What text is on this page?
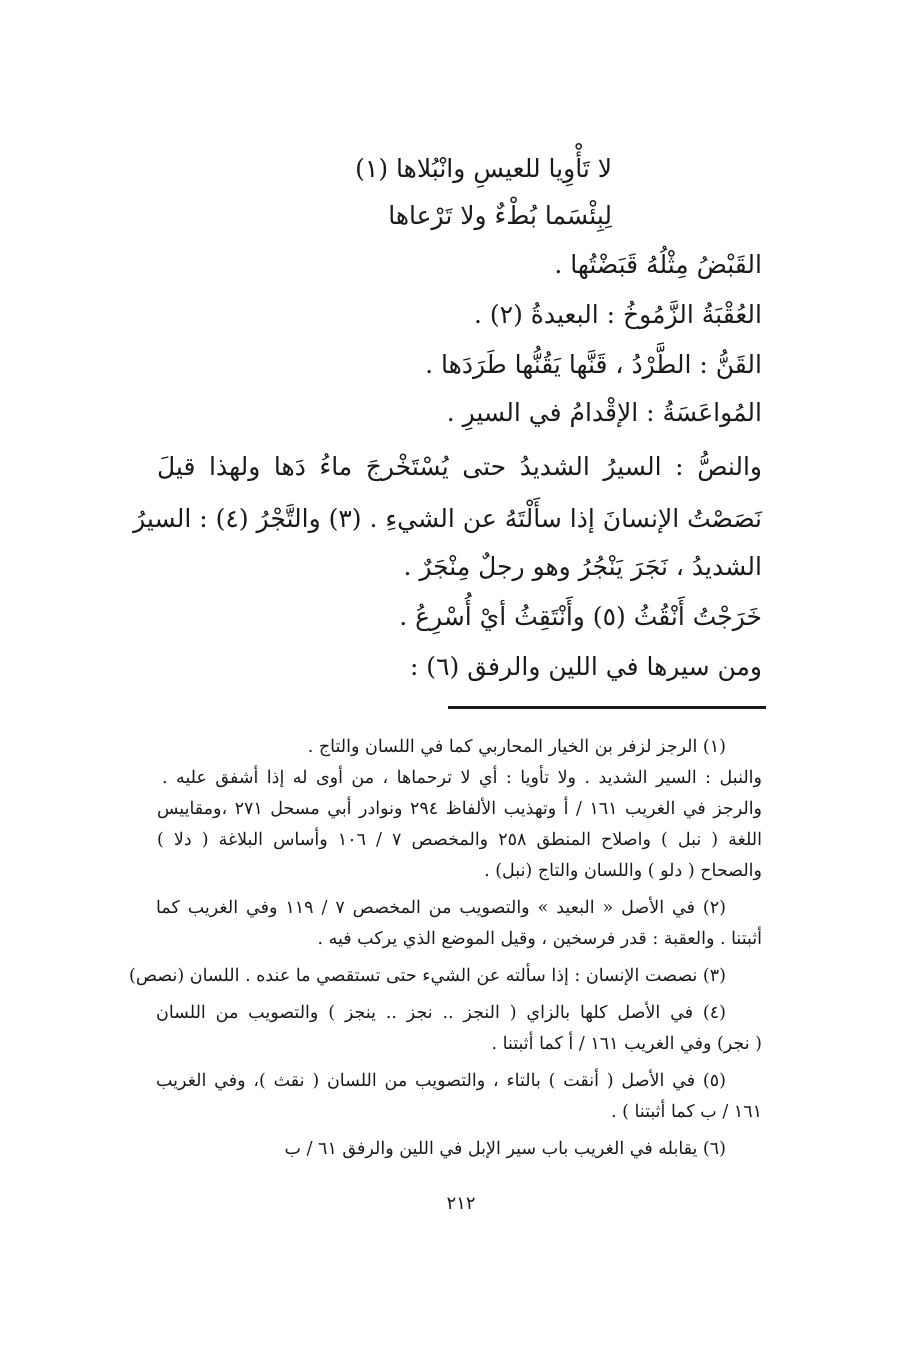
لا تَأْوِيا للعيسِ وانْبُلاها (١)
لِبِئْسَما بُطْءٌ ولا تَرْعاها
القَبْضُ مِثْلُهُ قَبَضْتُها .
العُقْبَةُ الزَّمُوخُ : البعيدةُ (٢) .
القَنُّ : الطَّرْدُ ، قَنَّها يَقُنُّها طَرَدَها .
المُواعَسَةُ : الإقْدامُ في السيرِ .
والنصُّ : السيرُ الشديدُ حتى يُسْتَخْرجَ ماءُ دَها ولهذا قيلَ
نَصَصْتُ الإنسانَ إذا سأَلْتَهُ عن الشيءِ . (٣) والتَّجْرُ (٤) : السيرُ
الشديدُ ، نَجَرَ يَنْجُرُ وهو رجلٌ مِنْجَرٌ .
خَرَجْتُ أَنْقُثُ (٥) وأَنْتَقِثُ أيْ أُسْرِعُ .
ومن سيرها في اللين والرفق (٦) :
(١) الرجز لزفر بن الخيار المحاربي كما في اللسان والتاج .
والنبل : السير الشديد . ولا تأويا : أي لا ترحماها ، من أوى له إذا أشفق عليه .
والرجز في الغريب ١٦١ / أ وتهذيب الألفاظ ٢٩٤ ونوادر أبي مسحل ٢٧١ ،ومقاييس
اللغة ( نبل ) واصلاح المنطق ٢٥٨ والمخصص ٧ / ١٠٦ وأساس البلاغة ( دلا )
والصحاح ( دلو ) واللسان والتاج (نبل) .
(٢) في الأصل « البعيد » والتصويب من المخصص ٧ / ١١٩ وفي الغريب كما
أثبتنا . والعقبة : قدر فرسخين ، وقيل الموضع الذي يركب فيه .
(٣) نصصت الإنسان : إذا سألته عن الشيء حتى تستقصي ما عنده . اللسان (نصص)
(٤) في الأصل كلها بالزاي ( النجز .. نجز .. ينجز ) والتصويب من اللسان
( نجر) وفي الغريب ١٦١ / أ كما أثبتنا .
(٥) في الأصل ( أنقت ) بالتاء ، والتصويب من اللسان ( نقث )، وفي الغريب
١٦١ / ب كما أثبتنا ) .
(٦) يقابله في الغريب باب سير الإبل في اللين والرفق ٦١ / ب
٢١٢
